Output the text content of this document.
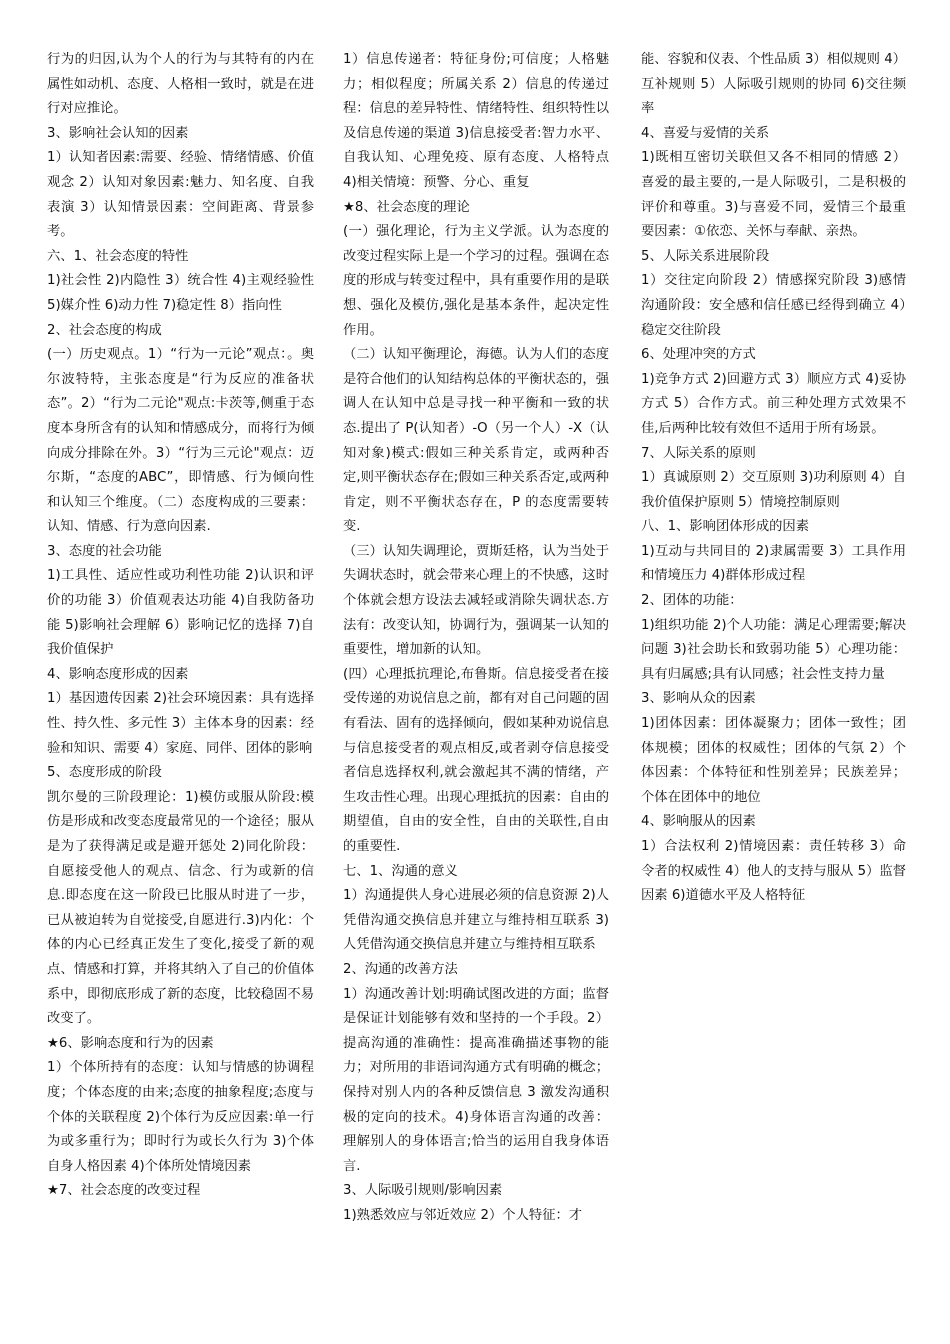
行为的归因,认为个人的行为与其特有的内在属性如动机、态度、人格相一致时，就是在进行对应推论。

3、影响社会认知的因素

1）认知者因素:需要、经验、情绪情感、价值观念 2）认知对象因素:魅力、知名度、自我表演 3）认知情景因素：空间距离、背景参考。

六、1、社会态度的特性

1)社会性 2)内隐性 3）统合性 4)主观经验性 5)媒介性 6)动力性 7)稳定性 8）指向性

2、社会态度的构成

(一）历史观点。1）“行为一元论”观点：。奥尔波特特，主张态度是“行为反应的准备状态”。2）“行为二元论"观点:卡茨等,侧重于态度本身所含有的认知和情感成分，而将行为倾向成分排除在外。3）“行为三元论"观点：迈尔斯，“态度的ABC”，即情感、行为倾向性和认知三个维度。（二）态度构成的三要素：认知、情感、行为意向因素.

3、态度的社会功能

1)工具性、适应性或功利性功能 2)认识和评价的功能 3）价值观表达功能 4)自我防备功能 5)影响社会理解 6）影响记忆的选择 7)自我价值保护

4、影响态度形成的因素

1）基因遗传因素 2)社会环境因素：具有选择性、持久性、多元性 3）主体本身的因素：经验和知识、需要 4）家庭、同伴、团体的影响

5、态度形成的阶段

凯尔曼的三阶段理论：1)模仿或服从阶段:模仿是形成和改变态度最常见的一个途径；服从是为了获得满足或是避开惩处 2)同化阶段：自愿接受他人的观点、信念、行为或新的信息.即态度在这一阶段已比服从时进了一步，已从被迫转为自觉接受,自愿进行.3)内化：个体的内心已经真正发生了变化,接受了新的观点、情感和打算，并将其纳入了自己的价值体系中，即彻底形成了新的态度，比较稳固不易改变了。

★6、影响态度和行为的因素

1）个体所持有的态度：认知与情感的协调程度；个体态度的由来;态度的抽象程度;态度与个体的关联程度 2)个体行为反应因素:单一行为或多重行为；即时行为或长久行为 3)个体自身人格因素 4)个体所处情境因素

★7、社会态度的改变过程

1）信息传递者：特征身份;可信度；人格魅力；相似程度；所属关系 2）信息的传递过程：信息的差异特性、情绪特性、组织特性以及信息传递的渠道 3)信息接受者:智力水平、自我认知、心理免疫、原有态度、人格特点 4)相关情境：预警、分心、重复

★8、社会态度的理论

(一）强化理论，行为主义学派。认为态度的改变过程实际上是一个学习的过程。强调在态度的形成与转变过程中，具有重要作用的是联想、强化及模仿,强化是基本条件，起决定性作用。

（二）认知平衡理论，海德。认为人们的态度是符合他们的认知结构总体的平衡状态的，强调人在认知中总是寻找一种平衡和一致的状态.提出了 P(认知者）-O（另一个人）-X（认知对象)模式:假如三种关系肯定，或两种否定,则平衡状态存在;假如三种关系否定,或两种肯定，则不平衡状态存在，P 的态度需要转变.

（三）认知失调理论，贾斯廷格，认为当处于失调状态时，就会带来心理上的不快感，这时个体就会想方设法去减轻或消除失调状态.方法有：改变认知，协调行为，强调某一认知的重要性，增加新的认知。

(四）心理抵抗理论,布鲁斯。信息接受者在接受传递的劝说信息之前，都有对自己问题的固有看法、固有的选择倾向，假如某种劝说信息与信息接受者的观点相反,或者剥夺信息接受者信息选择权利,就会激起其不满的情绪，产生攻击性心理。出现心理抵抗的因素：自由的期望值，自由的安全性，自由的关联性,自由的重要性.

七、1、沟通的意义

1）沟通提供人身心进展必须的信息资源 2)人凭借沟通交换信息并建立与维持相互联系 3)人凭借沟通交换信息并建立与维持相互联系

2、沟通的改善方法

1）沟通改善计划:明确试图改进的方面；监督是保证计划能够有效和坚持的一个手段。2） 提高沟通的准确性：提高准确描述事物的能力；对所用的非语词沟通方式有明确的概念；保持对别人内的各种反馈信息 3 激发沟通积极的定向的技术。4)身体语言沟通的改善：理解别人的身体语言;恰当的运用自我身体语言.

3、人际吸引规则/影响因素

1)熟悉效应与邻近效应 2）个人特征：才

能、容貌和仪表、个性品质 3）相似规则 4）互补规则 5）人际吸引规则的协同 6)交往频率

4、喜爱与爱情的关系

1)既相互密切关联但又各不相同的情感 2）喜爱的最主要的,一是人际吸引，二是积极的评价和尊重。3)与喜爱不同，爱情三个最重要因素：①依恋、关怀与奉献、亲热。

5、人际关系进展阶段

1）交往定向阶段 2）情感探究阶段 3)感情沟通阶段：安全感和信任感已经得到确立 4）稳定交往阶段

6、处理冲突的方式

1)竞争方式 2)回避方式 3）顺应方式 4)妥协方式 5）合作方式。前三种处理方式效果不佳,后两种比较有效但不适用于所有场景。

7、人际关系的原则

1）真诚原则 2）交互原则 3)功利原则 4）自我价值保护原则 5）情境控制原则

八、1、影响团体形成的因素

1)互动与共同目的 2)隶属需要 3）工具作用和情境压力 4)群体形成过程

2、团体的功能：

1)组织功能 2)个人功能：满足心理需要;解决问题 3)社会助长和致弱功能 5）心理功能：具有归属感;具有认同感；社会性支持力量

3、影响从众的因素

1)团体因素：团体凝聚力；团体一致性；团体规模；团体的权威性；团体的气氛 2）个体因素：个体特征和性别差异；民族差异；个体在团体中的地位

4、影响服从的因素

1）合法权利 2)情境因素：责任转移 3）命令者的权威性 4）他人的支持与服从 5）监督因素 6)道德水平及人格特征
